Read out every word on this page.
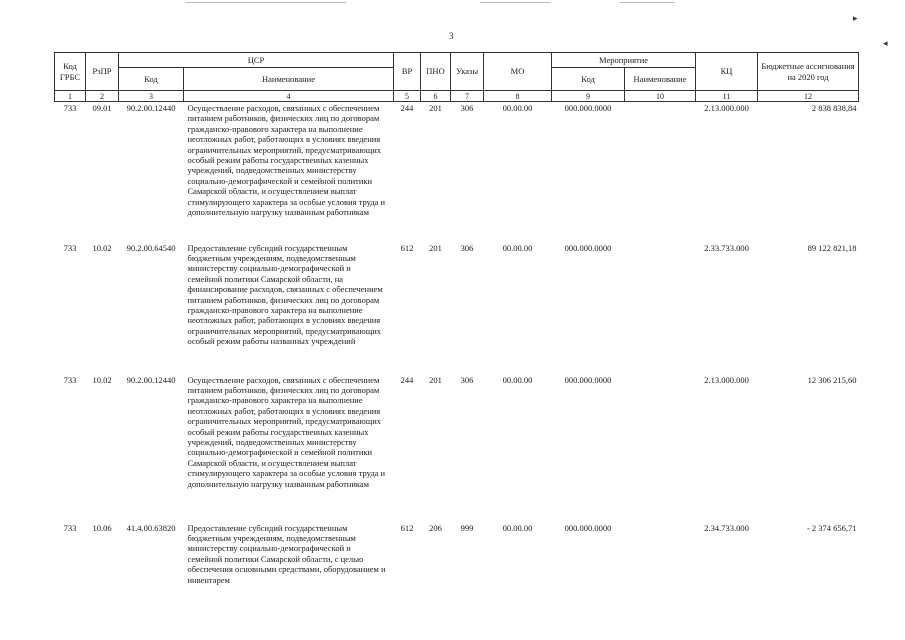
▸
◂
3
Код ГРБС	РзПР	ЦСР		ВР	ПНО	Указы	МО	Мероприятие		КЦ	Бюджетные ассигнования на 2020 год
		Код	Наименование					Код	Наименование		
1	2	3	4	5	6	7	8	9	10	11	12
733	09.01	90.2.00.12440	Осуществление расходов, связанных с обеспечением питанием работников, физических лиц по договорам гражданско-правового характера на выполнение неотложных работ, работающих в условиях введения ограничительных мероприятий, предусматривающих особый режим работы государственных казенных учреждений, подведомственных министерству социально-демографической и семейной политики Самарской области, и осуществлением выплат стимулирующего характера за особые условия труда и дополнительную нагрузку названным работникам	244	201	306	00.00.00	000.000.0000		2.13.000.000	2 838 838,84
733	10.02	90.2.00.64540	Предоставление субсидий государственным бюджетным учреждениям, подведомственным министерству социально-демографической и семейной политики Самарской области, на финансирование расходов, связанных с обеспечением питанием работников, физических лиц по договорам гражданско-правового характера на выполнение неотложных работ, работающих в условиях введения ограничительных мероприятий, предусматривающих особый режим работы названных учреждений	612	201	306	00.00.00	000.000.0000		2.33.733.000	89 122 821,18
733	10.02	90.2.00.12440	Осуществление расходов, связанных с обеспечением питанием работников, физических лиц по договорам гражданско-правового характера на выполнение неотложных работ, работающих в условиях введения ограничительных мероприятий, предусматривающих особый режим работы государственных казенных учреждений, подведомственных министерству социально-демографической и семейной политики Самарской области, и осуществлением выплат стимулирующего характера за особые условия труда и дополнительную нагрузку названным работникам	244	201	306	00.00.00	000.000.0000		2.13.000.000	12 306 215,60
733	10.06	41.4.00.63820	Предоставление субсидий государственным бюджетным учреждениям, подведомственным министерству социально-демографической и семейной политики Самарской области, с целью обеспечения основными средствами, оборудованием и инвентарем	612	206	999	00.00.00	000.000.0000		2.34.733.000	- 2 374 656,71
